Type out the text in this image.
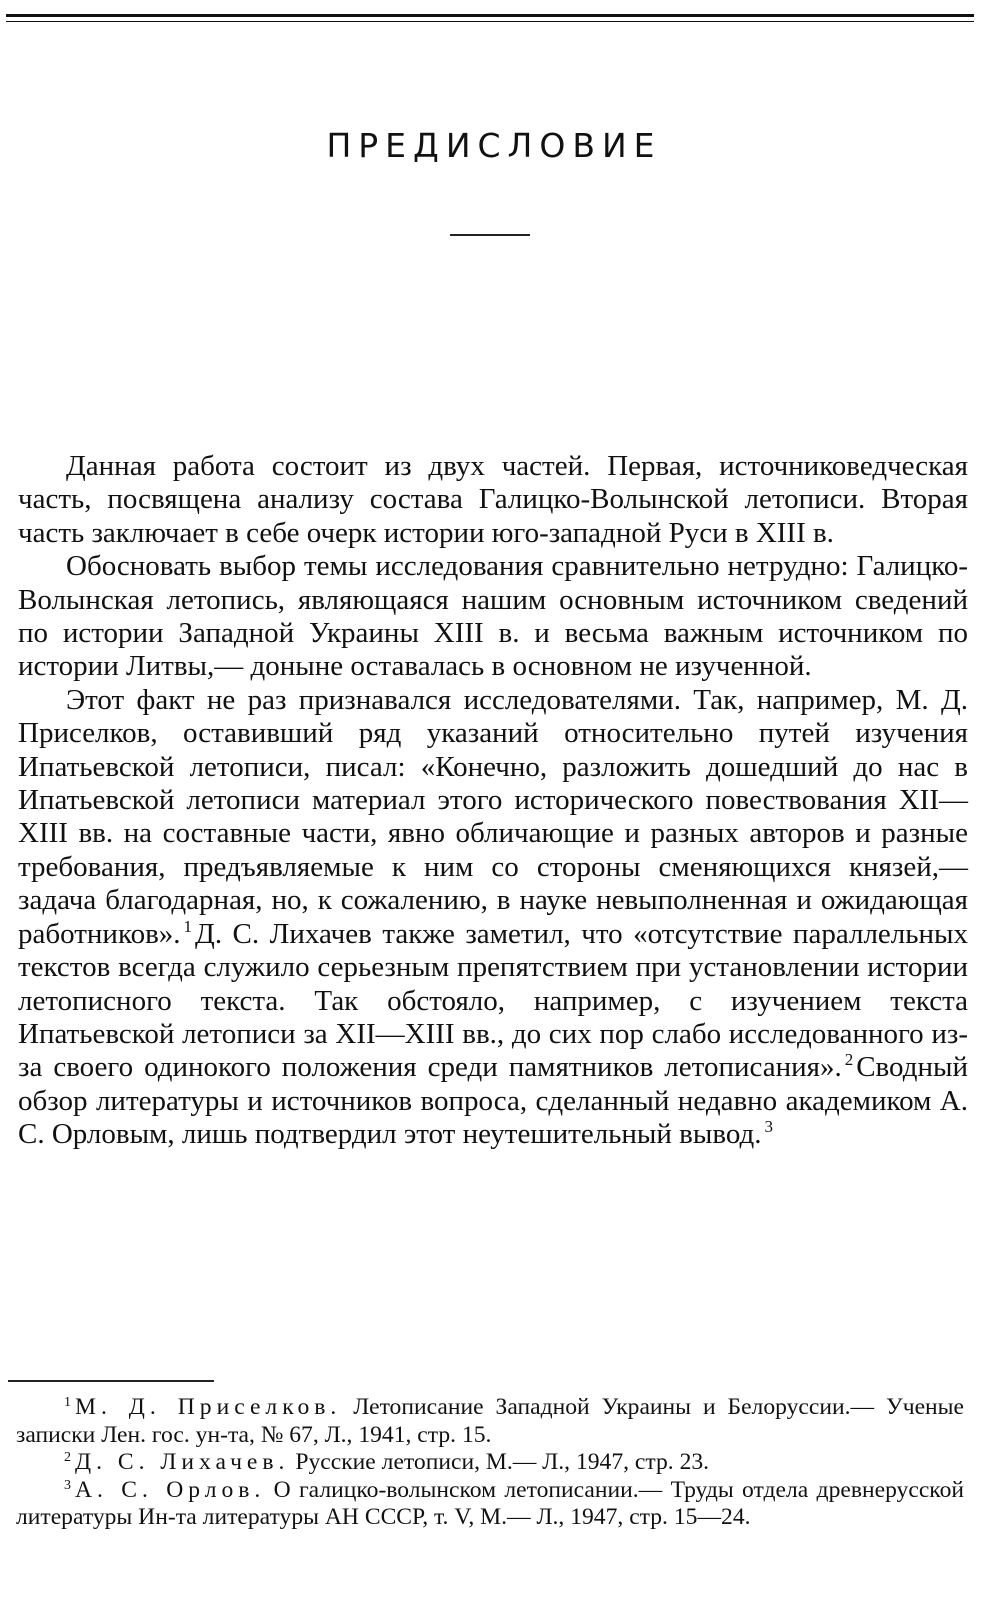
ПРЕДИСЛОВИЕ

Данная работа состоит из двух частей. Первая, источниковедческая часть, посвящена анализу состава Галицко-Волынской летописи. Вторая часть заключает в себе очерк истории юго-западной Руси в XIII в.

Обосновать выбор темы исследования сравнительно нетрудно: Галицко-Волынская летопись, являющаяся нашим основным источником сведений по истории Западной Украины XIII в. и весьма важным источником по истории Литвы,— доныне оставалась в основном не изученной.

Этот факт не раз признавался исследователями. Так, например, М. Д. Приселков, оставивший ряд указаний относительно путей изучения Ипатьевской летописи, писал: «Конечно, разложить дошедший до нас в Ипатьевской летописи материал этого исторического повествования XII—XIII вв. на составные части, явно обличающие и разных авторов и разные требования, предъявляемые к ним со стороны сменяющихся князей,— задача благодарная, но, к сожалению, в науке невыполненная и ожидающая работников». $^1$ Д. С. Лихачев также заметил, что «отсутствие параллельных текстов всегда служило серьезным препятствием при установлении истории летописного текста. Так обстояло, например, с изучением текста Ипатьевской летописи за XII—XIII вв., до сих пор слабо исследованного из-за своего одинокого положения среди памятников летописания». $^2$ Сводный обзор литературы и источников вопроса, сделанный недавно академиком А. С. Орловым, лишь подтвердил этот неутешительный вывод. $^3$

$^1$ М. Д. Приселков. Летописание Западной Украины и Белоруссии.— Ученые записки Лен. гос. ун-та, № 67, Л., 1941, стр. 15.

$^2$ Д. С. Лихачев. Русские летописи, М.— Л., 1947, стр. 23.

$^3$ А. С. Орлов. О галицко-волынском летописании.— Труды отдела древнерусской литературы Ин-та литературы АН СССР, т. V, М.— Л., 1947, стр. 15—24.
